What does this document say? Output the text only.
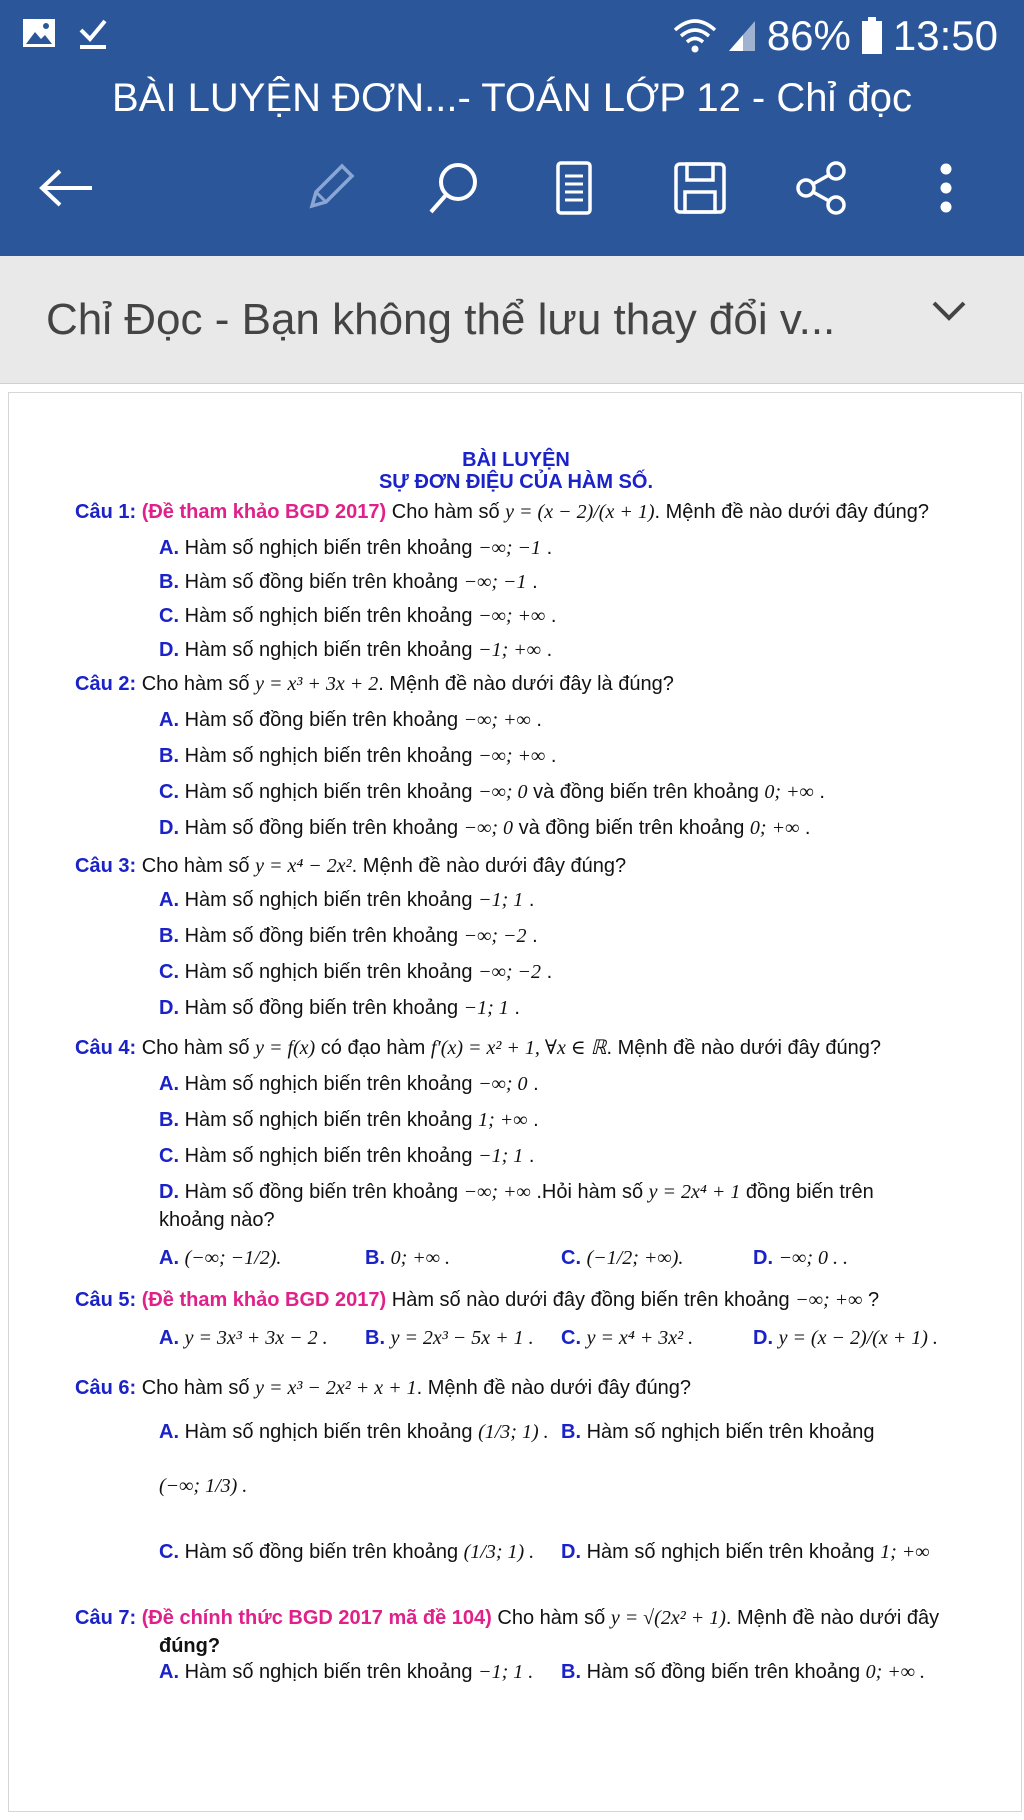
86% 13:50
BÀI LUYỆN ĐƠN...- TOÁN LỚP 12 - Chỉ đọc
Chỉ Đọc - Bạn không thể lưu thay đổi v...
BÀI LUYỆN
SỰ ĐƠN ĐIỆU CỦA HÀM SỐ.
Câu 1: (Đề tham khảo BGD 2017) Cho hàm số y = (x − 2)/(x + 1). Mệnh đề nào dưới đây đúng?
A. Hàm số nghịch biến trên khoảng −∞; −1 .
B. Hàm số đồng biến trên khoảng −∞; −1 .
C. Hàm số nghịch biến trên khoảng −∞; +∞ .
D. Hàm số nghịch biến trên khoảng −1; +∞ .
Câu 2: Cho hàm số y = x³ + 3x + 2. Mệnh đề nào dưới đây là đúng?
A. Hàm số đồng biến trên khoảng −∞; +∞ .
B. Hàm số nghịch biến trên khoảng −∞; +∞ .
C. Hàm số nghịch biến trên khoảng −∞; 0 và đồng biến trên khoảng 0; +∞ .
D. Hàm số đồng biến trên khoảng −∞; 0 và đồng biến trên khoảng 0; +∞ .
Câu 3: Cho hàm số y = x⁴ − 2x². Mệnh đề nào dưới đây đúng?
A. Hàm số nghịch biến trên khoảng −1; 1 .
B. Hàm số đồng biến trên khoảng −∞; −2 .
C. Hàm số nghịch biến trên khoảng −∞; −2 .
D. Hàm số đồng biến trên khoảng −1; 1 .
Câu 4: Cho hàm số y = f(x) có đạo hàm f′(x) = x² + 1, ∀x ∈ ℝ. Mệnh đề nào dưới đây đúng?
A. Hàm số nghịch biến trên khoảng −∞; 0 .
B. Hàm số nghịch biến trên khoảng 1; +∞ .
C. Hàm số nghịch biến trên khoảng −1; 1 .
D. Hàm số đồng biến trên khoảng −∞; +∞ .Hỏi hàm số y = 2x⁴ + 1 đồng biến trên
khoảng nào?
A. (−∞; −1/2).	B. 0; +∞ .	C. (−1/2; +∞).	D. −∞; 0 . .
Câu 5: (Đề tham khảo BGD 2017) Hàm số nào dưới đây đồng biến trên khoảng −∞; +∞ ?
A. y = 3x³ + 3x − 2 . B. y = 2x³ − 5x + 1 . C. y = x⁴ + 3x² .	D. y = (x − 2)/(x + 1) .
Câu 6: Cho hàm số y = x³ − 2x² + x + 1. Mệnh đề nào dưới đây đúng?
A. Hàm số nghịch biến trên khoảng (1/3; 1) . B. Hàm số nghịch biến trên khoảng
(−∞; 1/3) .
C. Hàm số đồng biến trên khoảng (1/3; 1) . D. Hàm số nghịch biến trên khoảng 1; +∞
Câu 7: (Đề chính thức BGD 2017 mã đề 104) Cho hàm số y = √(2x² + 1). Mệnh đề nào dưới đây
đúng?
A. Hàm số nghịch biến trên khoảng −1; 1 . B. Hàm số đồng biến trên khoảng 0; +∞ .
